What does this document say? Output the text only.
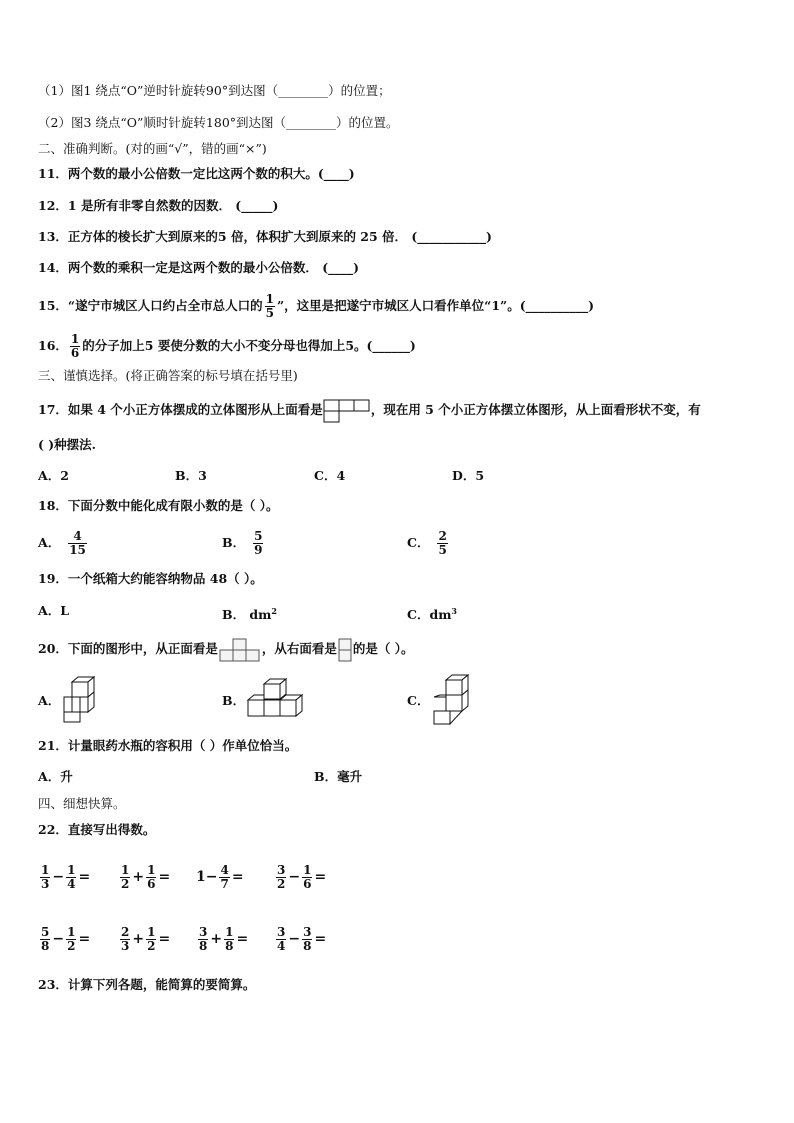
（1）图1 绕点“O”逆时针旋转90°到达图（________）的位置；
（2）图3 绕点“O”顺时针旋转180°到达图（________）的位置。
二、准确判断。(对的画“√”，错的画“×”)
11．两个数的最小公倍数一定比这两个数的积大。(____)
12．1 是所有非零自然数的因数． (_____)
13．正方体的棱长扩大到原来的5 倍，体积扩大到原来的 25 倍． (___________)
14．两个数的乘积一定是这两个数的最小公倍数． (____)
15．“遂宁市城区人口约占全市总人口的 $\frac{1}{5}$ ”，这里是把遂宁市城区人口看作单位“1”。(__________)
16． $\frac{1}{6}$ 的分子加上5 要使分数的大小不变分母也得加上5。(______)
三、谨慎选择。(将正确答案的标号填在括号里)
17．如果 4 个小正方体摆成的立体图形从上面看是	，现在用 5 个小正方体摆立体图形，从上面看形状不变，有
( )种摆法.
A．2	B．3	C．4	D．5
18．下面分数中能化成有限小数的是（ ）。
A． $\frac{4}{15}$	B． $\frac{5}{9}$	C． $\frac{2}{5}$
19．一个纸箱大约能容纳物品 48（ ）。
A．L	B． $dm^2$	C．$dm^3$
20．下面的图形中，从正面看是	，从右面看是 的是（ ）。
A．	B．	C．
21．计量眼药水瓶的容积用（ ）作单位恰当。
A．升	B．毫升
四、细想快算。
22．直接写出得数。
$\frac{1}{3} - \frac{1}{4} = \frac{1}{2} + \frac{1}{6} = 1- \frac{4}{7}$ =	$\frac{3}{2} - \frac{1}{6}$ =
$\frac{5}{8} - \frac{1}{2} = \frac{2}{3} + \frac{1}{2} = \frac{3}{8} + \frac{1}{8} = \frac{3}{4} - \frac{3}{8}$ =
23．计算下列各题，能简算的要简算。
